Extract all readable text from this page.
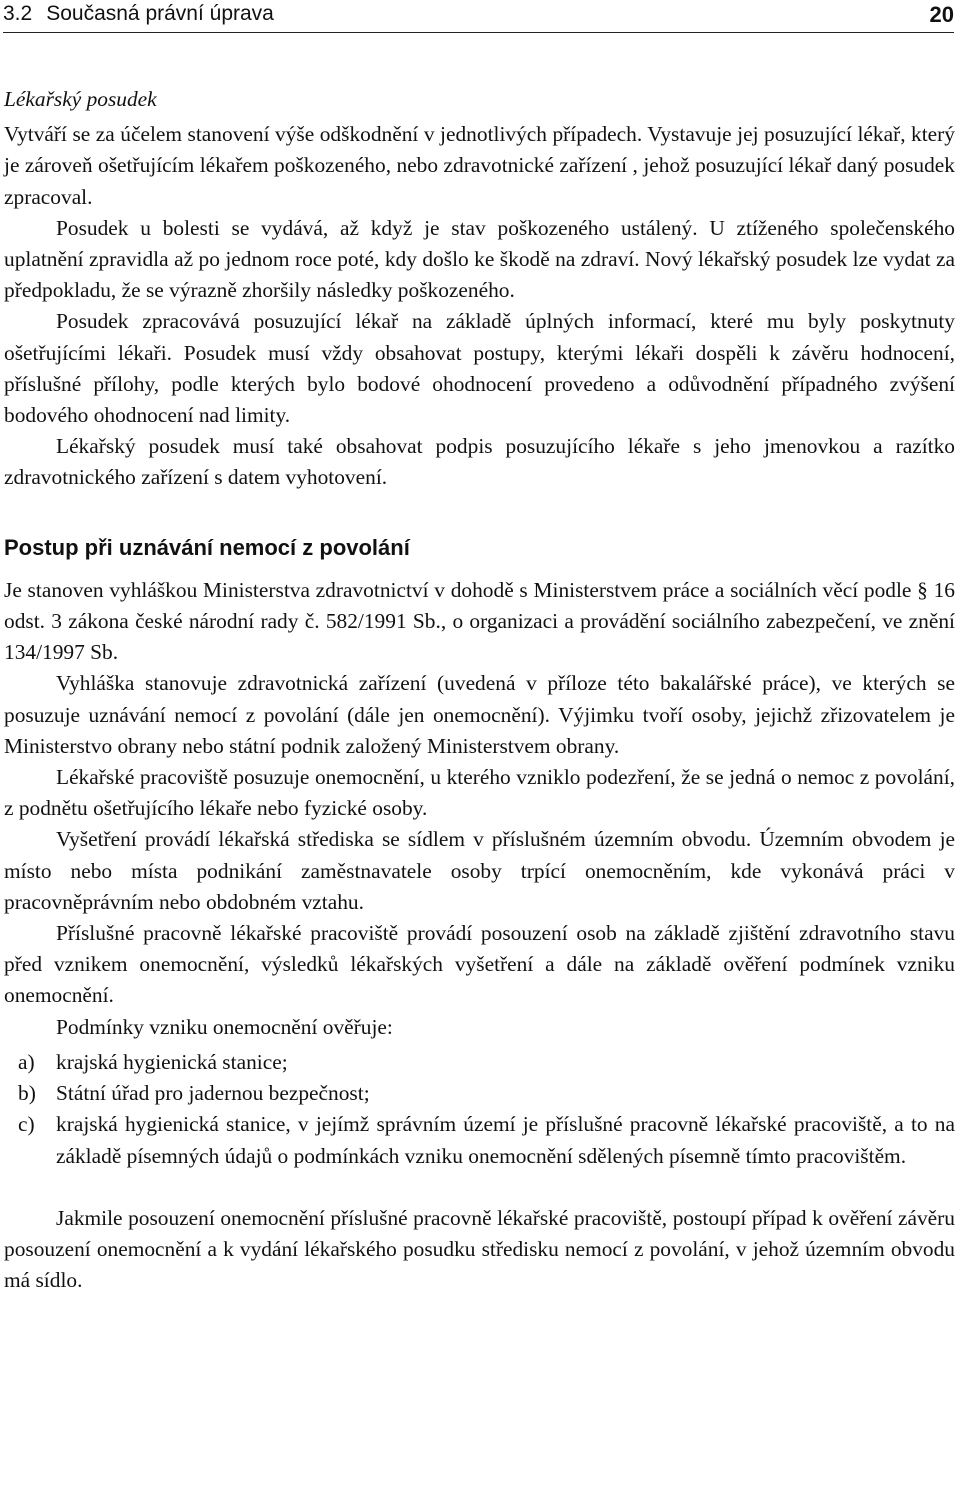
3.2 Současná právní úprava	20

Lékařský posudek

Vytváří se za účelem stanovení výše odškodnění v jednotlivých případech. Vystavuje jej posuzující lékař, který je zároveň ošetřujícím lékařem poškozeného, nebo zdravotnické zařízení , jehož posuzující lékař daný posudek zpracoval.

Posudek u bolesti se vydává, až když je stav poškozeného ustálený. U ztíženého společenského uplatnění zpravidla až po jednom roce poté, kdy došlo ke škodě na zdraví. Nový lékařský posudek lze vydat za předpokladu, že se výrazně zhoršily následky poškozeného.

Posudek zpracovává posuzující lékař na základě úplných informací, které mu byly poskytnuty ošetřujícími lékaři. Posudek musí vždy obsahovat postupy, kterými lékaři dospěli k závěru hodnocení, příslušné přílohy, podle kterých bylo bodové ohodnocení provedeno a odůvodnění případného zvýšení bodového ohodnocení nad limity.

Lékařský posudek musí také obsahovat podpis posuzujícího lékaře s jeho jmenovkou a razítko zdravotnického zařízení s datem vyhotovení.

Postup při uznávání nemocí z povolání

Je stanoven vyhláškou Ministerstva zdravotnictví v dohodě s Ministerstvem práce a sociálních věcí podle § 16 odst. 3 zákona české národní rady č. 582/1991 Sb., o organizaci a provádění sociálního zabezpečení, ve znění 134/1997 Sb.

Vyhláška stanovuje zdravotnická zařízení (uvedená v příloze této bakalářské práce), ve kterých se posuzuje uznávání nemocí z povolání (dále jen onemocnění). Výjimku tvoří osoby, jejichž zřizovatelem je Ministerstvo obrany nebo státní podnik založený Ministerstvem obrany.

Lékařské pracoviště posuzuje onemocnění, u kterého vzniklo podezření, že se jedná o nemoc z povolání, z podnětu ošetřujícího lékaře nebo fyzické osoby.

Vyšetření provádí lékařská střediska se sídlem v příslušném územním obvodu. Územním obvodem je místo nebo místa podnikání zaměstnavatele osoby trpící onemocněním, kde vykonává práci v pracovněprávním nebo obdobném vztahu.

Příslušné pracovně lékařské pracoviště provádí posouzení osob na základě zjištění zdravotního stavu před vznikem onemocnění, výsledků lékařských vyšetření a dále na základě ověření podmínek vzniku onemocnění.

Podmínky vzniku onemocnění ověřuje:

a) krajská hygienická stanice;
b) Státní úřad pro jadernou bezpečnost;
c) krajská hygienická stanice, v jejímž správním území je příslušné pracovně lékařské pracoviště, a to na základě písemných údajů o podmínkách vzniku onemocnění sdělených písemně tímto pracovištěm.

Jakmile posouzení onemocnění příslušné pracovně lékařské pracoviště, postoupí případ k ověření závěru posouzení onemocnění a k vydání lékařského posudku středisku nemocí z povolání, v jehož územním obvodu má sídlo.
